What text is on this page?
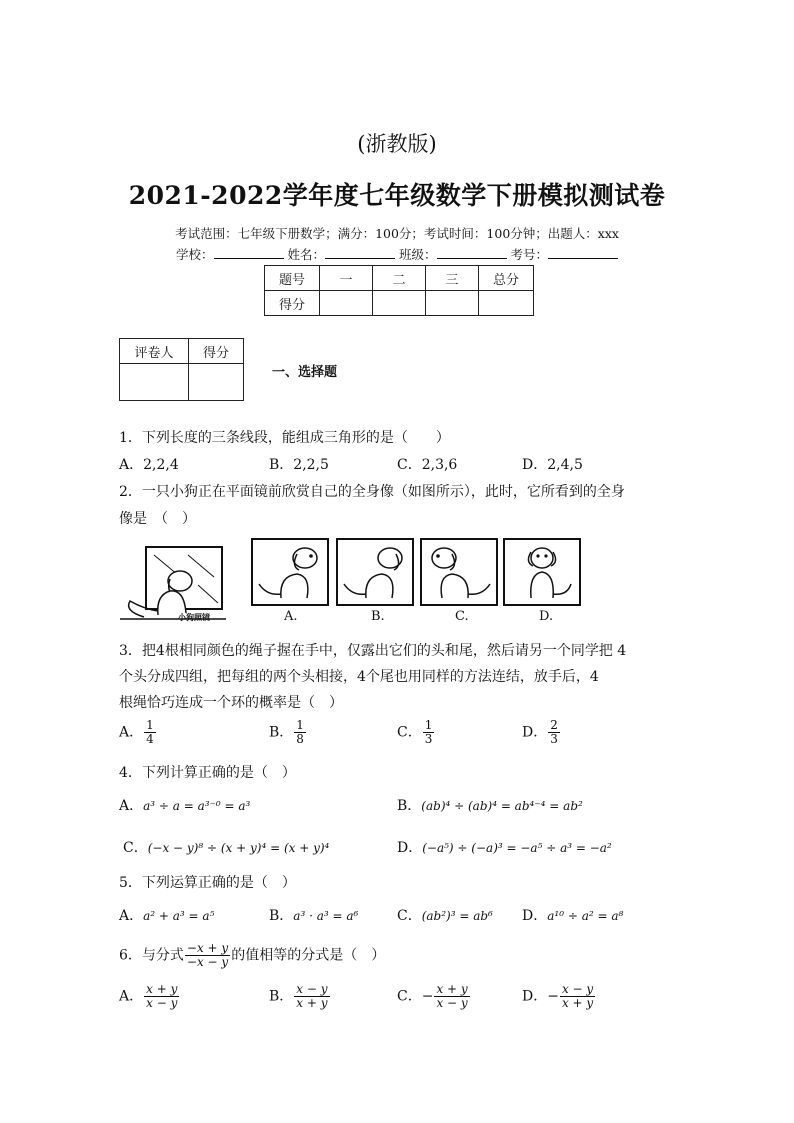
(浙教版)
2021-2022学年度七年级数学下册模拟测试卷
考试范围：七年级下册数学；满分：100分；考试时间：100分钟；出题人：xxx
学校：	姓名：	班级：	考号：
题号	一	二	三	总分
得分				
评卷人	得分

一、选择题
1．下列长度的三条线段，能组成三角形的是（　　）
A．2,2,4	B．2,2,5	C．2,3,6	D．2,4,5
2．一只小狗正在平面镜前欣赏自己的全身像（如图所示），此时，它所看到的全身
像是　（　）
小狗照镜	A.	B.	C.	D.
3．把4根相同颜色的绳子握在手中，仅露出它们的头和尾，然后请另一个同学把 4
个头分成四组，把每组的两个头相接，4个尾也用同样的方法连结，放手后，4
根绳恰巧连成一个环的概率是（　）
A． $\frac{1}{4}$	B． $\frac{1}{8}$	C． $\frac{1}{3}$	D． $\frac{2}{3}$
4．下列计算正确的是（　）
A．a³ ÷ a = a³⁻⁰ = a³	B．(ab)⁴ ÷ (ab)⁴ = ab⁴⁻⁴ = ab²
C．(−x − y)⁸ ÷ (x + y)⁴ = (x + y)⁴	D．(−a⁵) ÷ (−a)³ = −a⁵ ÷ a³ = −a²
5．下列运算正确的是（　）
A．a² + a³ = a⁵	B．a³ · a³ = a⁶	C．(ab²)³ = ab⁶ D．a¹⁰ ÷ a² = a⁸
6．与分式 $\frac{-x + y}{-x - y}$ 的值相等的分式是（　）
A． $\frac{x + y}{x - y}$	B． $\frac{x - y}{x + y}$	C．− $\frac{x + y}{x - y}$	D．− $\frac{x - y}{x + y}$
